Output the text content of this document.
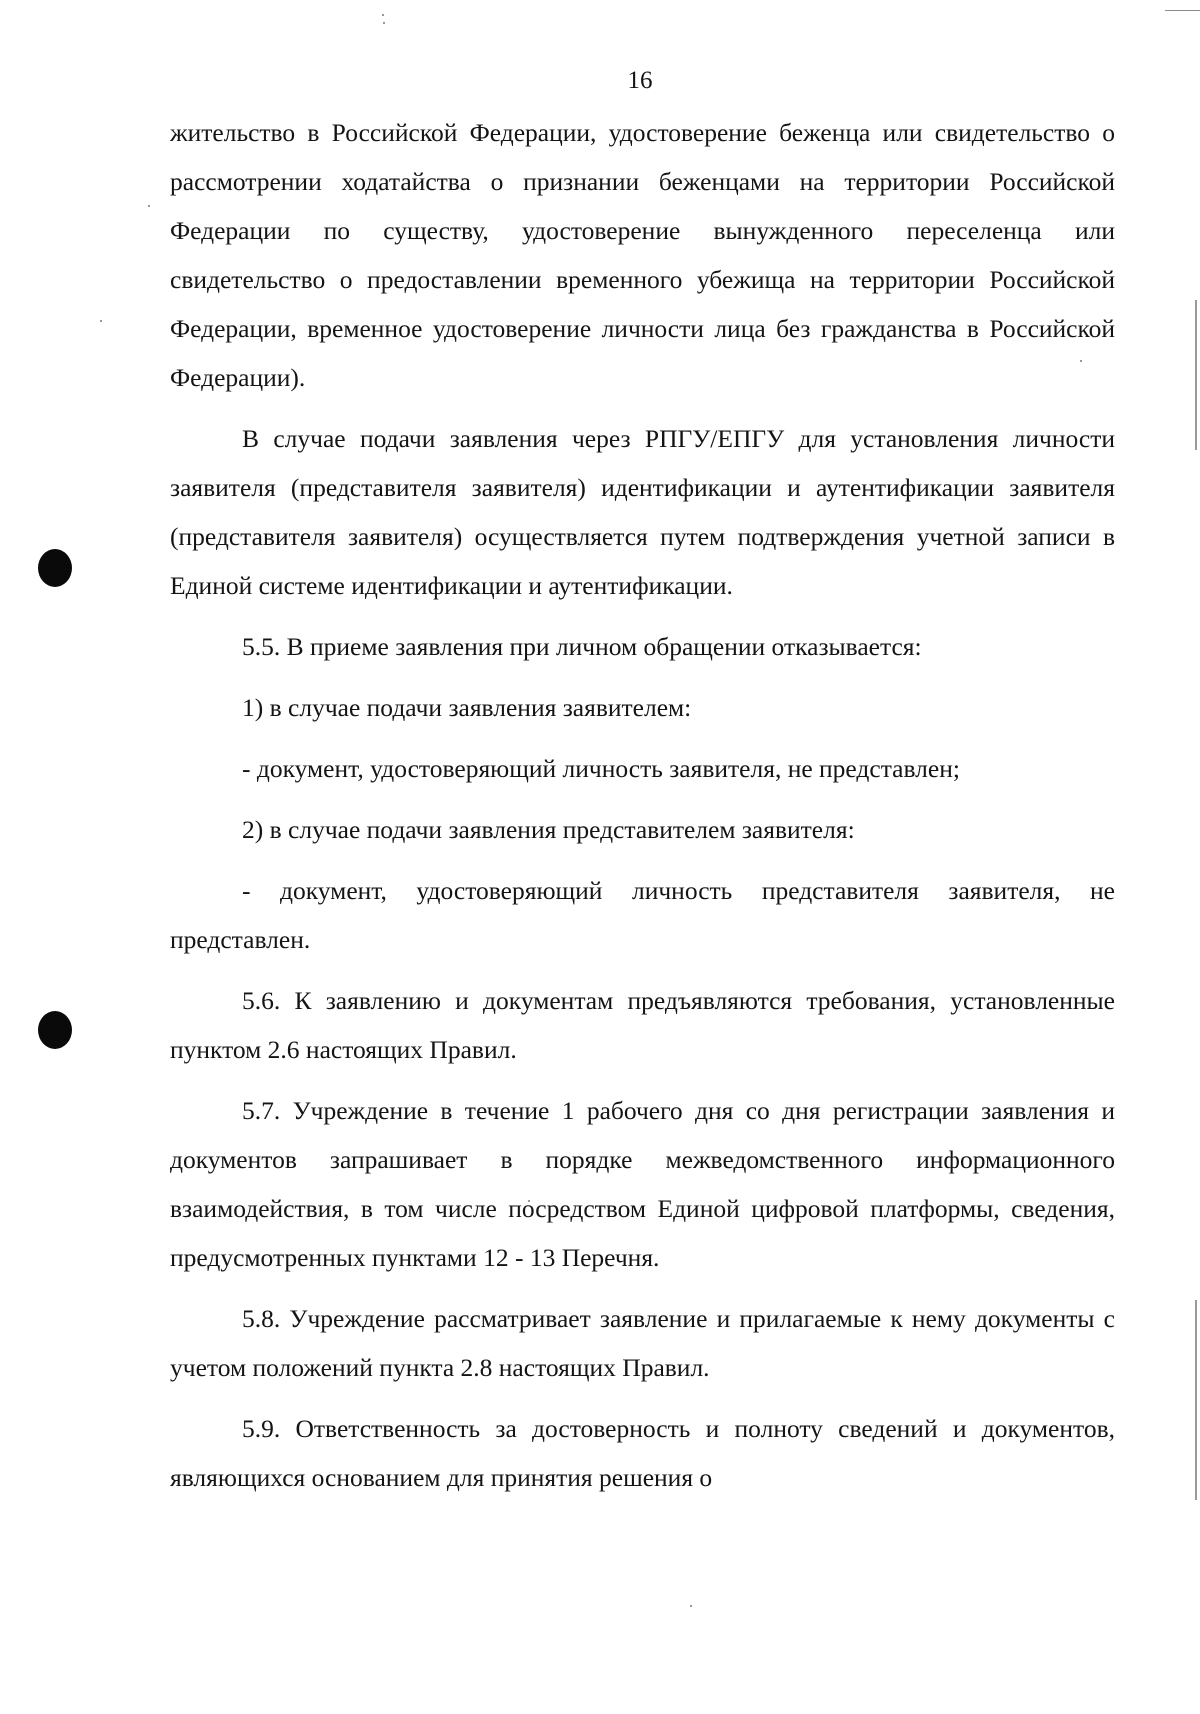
16

жительство в Российской Федерации, удостоверение беженца или свидетельство о рассмотрении ходатайства о признании беженцами на территории Российской Федерации по существу, удостоверение вынужденного переселенца или свидетельство о предоставлении временного убежища на территории Российской Федерации, временное удостоверение личности лица без гражданства в Российской Федерации).

В случае подачи заявления через РПГУ/ЕПГУ для установления личности заявителя (представителя заявителя) идентификации и аутентификации заявителя (представителя заявителя) осуществляется путем подтверждения учетной записи в Единой системе идентификации и аутентификации.

5.5. В приеме заявления при личном обращении отказывается:

1) в случае подачи заявления заявителем:

- документ, удостоверяющий личность заявителя, не представлен;

2) в случае подачи заявления представителем заявителя:

- документ, удостоверяющий личность представителя заявителя, не представлен.

5.6. К заявлению и документам предъявляются требования, установленные пунктом 2.6 настоящих Правил.

5.7. Учреждение в течение 1 рабочего дня со дня регистрации заявления и документов запрашивает в порядке межведомственного информационного взаимодействия, в том числе посредством Единой цифровой платформы, сведения, предусмотренных пунктами 12 - 13 Перечня.

5.8. Учреждение рассматривает заявление и прилагаемые к нему документы с учетом положений пункта 2.8 настоящих Правил.

5.9. Ответственность за достоверность и полноту сведений и документов, являющихся основанием для принятия решения о
